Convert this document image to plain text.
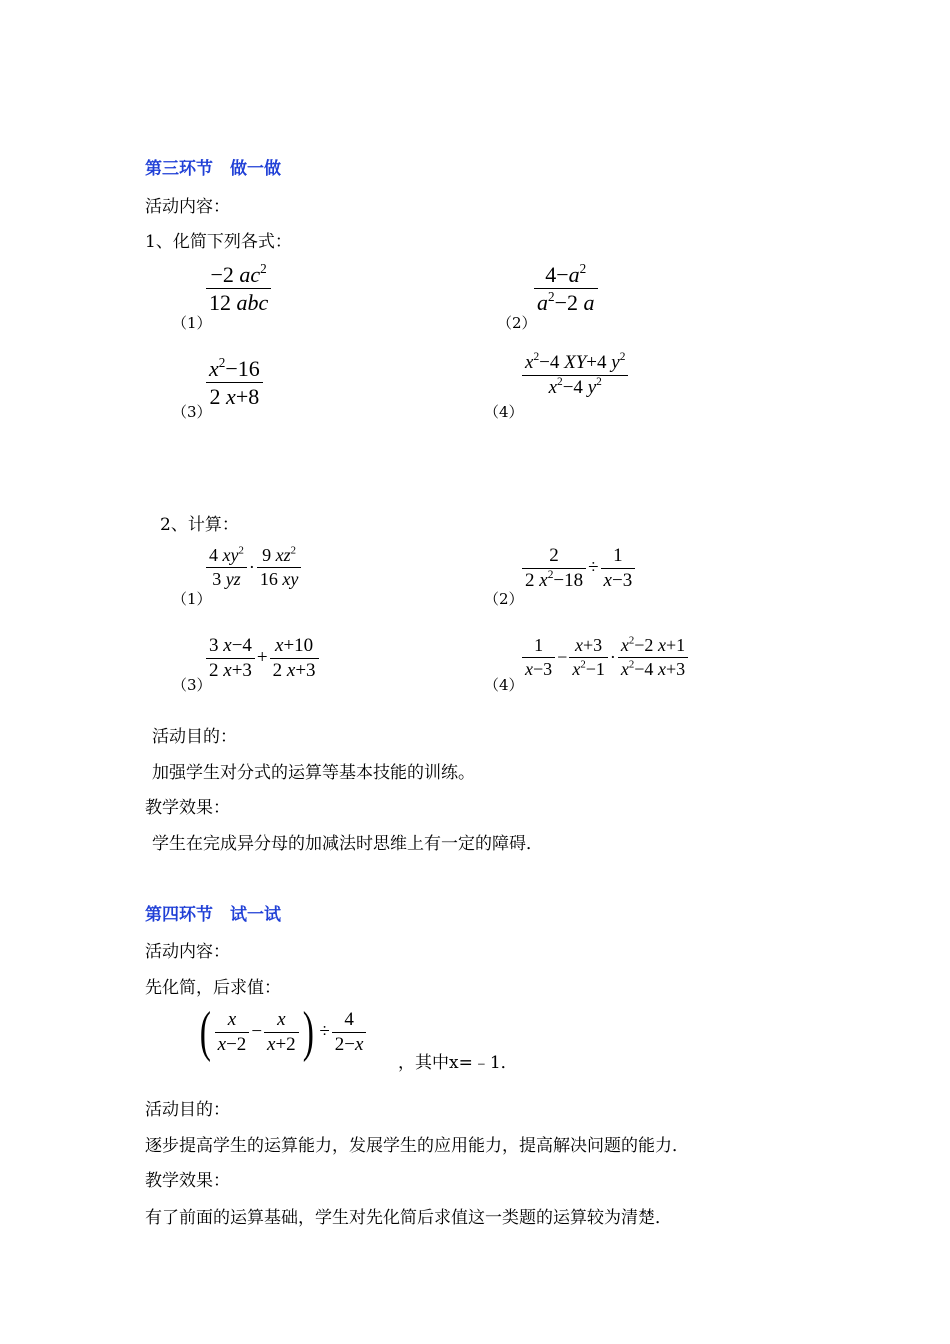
第三环节　做一做
活动内容：
1、化简下列各式：
（1）
$\frac{-2 ac^2}{\text{12 abc}}$
（2）
$\frac{4-a^2}{a^2-2 a}$
（3）
$\frac{x^2-16}{2 x+8}$
（4）
$\frac{x^2-4 XY+4 y^2}{x^2-4 y^2}$
2、计算：
（1）
$\frac{4 xy^2}{3 yz} \cdot \frac{9 xz^2}{16 xy}$
（2）
$\frac{2}{2 x^2-18} \div \frac{1}{x-3}$
（3）
$\frac{3 x-4}{2 x+3} + \frac{x+10}{2 x+3}$
（4）
$\frac{1}{x-3} - \frac{x+3}{x^2-1} \cdot \frac{x^2-2 x+1}{x^2-4 x+3}$
活动目的：
加强学生对分式的运算等基本技能的训练。
教学效果：
学生在完成异分母的加减法时思维上有一定的障碍．
第四环节　试一试
活动内容：
先化简，后求值：
( $\frac{x}{x-2} - \frac{x}{x+2}$ ) ÷ $\frac{4}{2-x}$
，其中x=﹣1．
活动目的：
逐步提高学生的运算能力，发展学生的应用能力，提高解决问题的能力．
教学效果：
有了前面的运算基础，学生对先化简后求值这一类题的运算较为清楚．
